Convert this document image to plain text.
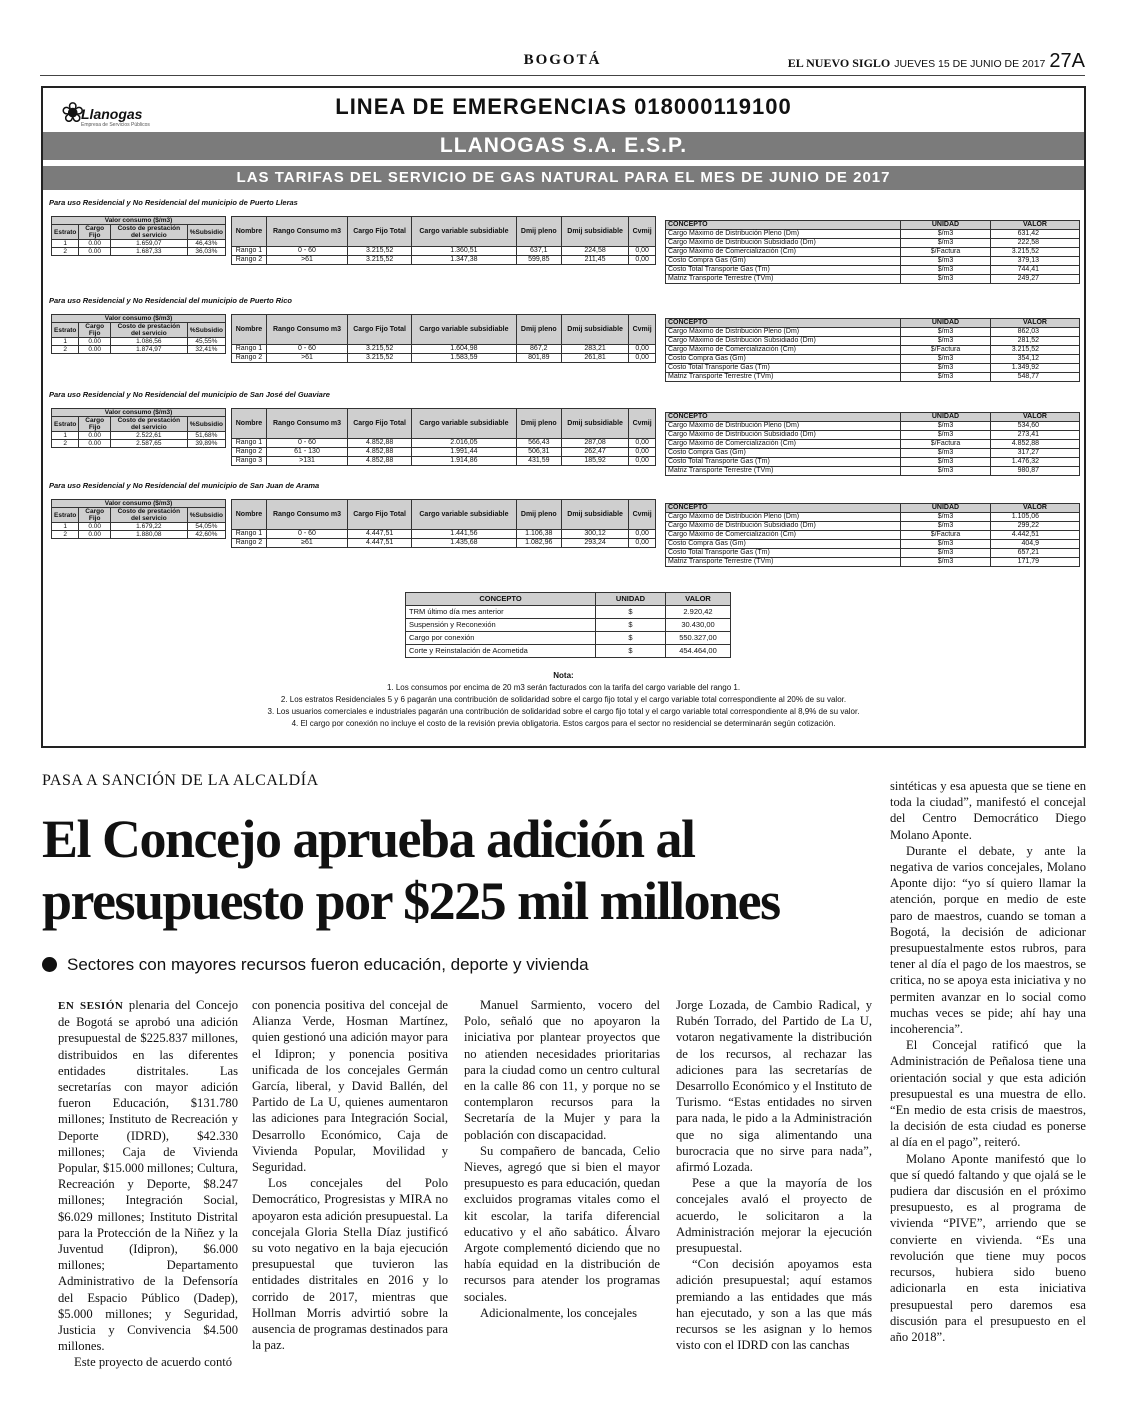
BOGOTÁ	EL NUEVO SIGLO JUEVES 15 DE JUNIO DE 2017 27A
❀
Llanogas
Empresa de Servicios Públicos
LINEA DE EMERGENCIAS 018000119100
LLANOGAS S.A. E.S.P.
LAS TARIFAS DEL SERVICIO DE GAS NATURAL PARA EL MES DE JUNIO DE 2017
Para uso Residencial y No Residencial del municipio de Puerto Lleras
Valor consumo ($/m3)			
Estrato	Cargo Fijo	Costo de prestación del servicio	%Subsidio
1	0.00	1.659,07	46,43%
2	0.00	1.687,33	36,03%
Nombre	Rango Consumo m3	Cargo Fijo Total	Cargo variable subsidiable	Dmij pleno	Dmij subsidiable	Cvmij
Rango 1	0 - 60	3.215,52	1.360,51	637,1	224,58	0,00
Rango 2	>61	3.215,52	1.347,38	599,85	211,45	0,00
CONCEPTO	UNIDAD	VALOR
Cargo Máximo de Distribución Pleno (Dm)	$/m3	631,42
Cargo Máximo de Distribución Subsidiado (Dm)	$/m3	222,58
Cargo Máximo de Comercialización (Cm)	$/Factura	3.215,52
Costo Compra Gas (Gm)	$/m3	379,13
Costo Total Transporte Gas (Tm)	$/m3	744,41
Matriz Transporte Terrestre (TVm)	$/m3	249,27
Para uso Residencial y No Residencial del municipio de Puerto Rico
Valor consumo ($/m3)			
Estrato	Cargo Fijo	Costo de prestación del servicio	%Subsidio
1	0.00	1.086,56	45,55%
2	0.00	1.874,97	32,41%
Nombre	Rango Consumo m3	Cargo Fijo Total	Cargo variable subsidiable	Dmij pleno	Dmij subsidiable	Cvmij
Rango 1	0 - 60	3.215,52	1.604,98	867,2	283,21	0,00
Rango 2	>61	3.215,52	1.583,59	801,89	261,81	0,00
CONCEPTO	UNIDAD	VALOR
Cargo Máximo de Distribución Pleno (Dm)	$/m3	862,03
Cargo Máximo de Distribución Subsidiado (Dm)	$/m3	281,52
Cargo Máximo de Comercialización (Cm)	$/Factura	3.215,52
Costo Compra Gas (Gm)	$/m3	354,12
Costo Total Transporte Gas (Tm)	$/m3	1.349,92
Matriz Transporte Terrestre (TVm)	$/m3	548,77
Para uso Residencial y No Residencial del municipio de San José del Guaviare
Valor consumo ($/m3)			
Estrato	Cargo Fijo	Costo de prestación del servicio	%Subsidio
1	0.00	2.522,61	51,68%
2	0.00	2.587,65	39,89%
Nombre	Rango Consumo m3	Cargo Fijo Total	Cargo variable subsidiable	Dmij pleno	Dmij subsidiable	Cvmij
Rango 1	0 - 60	4.852,88	2.016,05	566,43	287,08	0,00
Rango 2	61 - 130	4.852,88	1.991,44	506,31	262,47	0,00
Rango 3	>131	4.852,88	1.914,86	431,59	185,92	0,00
CONCEPTO	UNIDAD	VALOR
Cargo Máximo de Distribución Pleno (Dm)	$/m3	534,60
Cargo Máximo de Distribución Subsidiado (Dm)	$/m3	273,41
Cargo Máximo de Comercialización (Cm)	$/Factura	4.852,88
Costo Compra Gas (Gm)	$/m3	317,27
Costo Total Transporte Gas (Tm)	$/m3	1.476,32
Matriz Transporte Terrestre (TVm)	$/m3	980,87
Para uso Residencial y No Residencial del municipio de San Juan de Arama
Valor consumo ($/m3)			
Estrato	Cargo Fijo	Costo de prestación del servicio	%Subsidio
1	0.00	1.679,22	54,05%
2	0.00	1.880,08	42,60%
Nombre	Rango Consumo m3	Cargo Fijo Total	Cargo variable subsidiable	Dmij pleno	Dmij subsidiable	Cvmij
Rango 1	0 - 60	4.447,51	1.441,56	1.106,38	300,12	0,00
Rango 2	≥61	4.447,51	1.435,68	1.082,96	293,24	0,00
CONCEPTO	UNIDAD	VALOR
Cargo Máximo de Distribución Pleno (Dm)	$/m3	1.105,06
Cargo Máximo de Distribución Subsidiado (Dm)	$/m3	299,22
Cargo Máximo de Comercialización (Cm)	$/Factura	4.442,51
Costo Compra Gas (Gm)	$/m3	404,9
Costo Total Transporte Gas (Tm)	$/m3	657,21
Matriz Transporte Terrestre (TVm)	$/m3	171,79
CONCEPTO	UNIDAD	VALOR
TRM último día mes anterior	$	2.920,42
Suspensión y Reconexión	$	30.430,00
Cargo por conexión	$	550.327,00
Corte y Reinstalación de Acometida	$	454.464,00
Nota:
1. Los consumos por encima de 20 m3 serán facturados con la tarifa del cargo variable del rango 1.
2. Los estratos Residenciales 5 y 6 pagarán una contribución de solidaridad sobre el cargo fijo total y el cargo variable total correspondiente al 20% de su valor.
3. Los usuarios comerciales e industriales pagarán una contribución de solidaridad sobre el cargo fijo total y el cargo variable total correspondiente al 8,9% de su valor.
4. El cargo por conexión no incluye el costo de la revisión previa obligatoria. Estos cargos para el sector no residencial se determinarán según cotización.
PASA A SANCIÓN DE LA ALCALDÍA
El Concejo aprueba adición al presupuesto por $225 mil millones
Sectores con mayores recursos fueron educación, deporte y vivienda

EN SESIÓN plenaria del Concejo de Bogotá se aprobó una adición presupuestal de $225.837 millones, distribuidos en las diferentes entidades distritales. Las secretarías con mayor adición fueron Educación, $131.780 millones; Instituto de Recreación y Deporte (IDRD), $42.330 millones; Caja de Vivienda Popular, $15.000 millones; Cultura, Recreación y Deporte, $8.247 millones; Integración Social, $6.029 millones; Instituto Distrital para la Protección de la Niñez y la Juventud (Idipron), $6.000 millones; Departamento Administrativo de la Defensoría del Espacio Público (Dadep), $5.000 millones; y Seguridad, Justicia y Convivencia $4.500 millones.

Este proyecto de acuerdo contó

con ponencia positiva del concejal de Alianza Verde, Hosman Martínez, quien gestionó una adición mayor para el Idipron; y ponencia positiva unificada de los concejales Germán García, liberal, y David Ballén, del Partido de La U, quienes aumentaron las adiciones para Integración Social, Desarrollo Económico, Caja de Vivienda Popular, Movilidad y Seguridad.

Los concejales del Polo Democrático, Progresistas y MIRA no apoyaron esta adición presupuestal. La concejala Gloria Stella Díaz justificó su voto negativo en la baja ejecución presupuestal que tuvieron las entidades distritales en 2016 y lo corrido de 2017, mientras que Hollman Morris advirtió sobre la ausencia de programas destinados para la paz.

Manuel Sarmiento, vocero del Polo, señaló que no apoyaron la iniciativa por plantear proyectos que no atienden necesidades prioritarias para la ciudad como un centro cultural en la calle 86 con 11, y porque no se contemplaron recursos para la Secretaría de la Mujer y para la población con discapacidad.

Su compañero de bancada, Celio Nieves, agregó que si bien el mayor presupuesto es para educación, quedan excluidos programas vitales como el kit escolar, la tarifa diferencial educativo y el año sabático. Álvaro Argote complementó diciendo que no había equidad en la distribución de recursos para atender los programas sociales.

Adicionalmente, los concejales

Jorge Lozada, de Cambio Radical, y Rubén Torrado, del Partido de La U, votaron negativamente la distribución de los recursos, al rechazar las adiciones para las secretarías de Desarrollo Económico y el Instituto de Turismo. “Estas entidades no sirven para nada, le pido a la Administración que no siga alimentando una burocracia que no sirve para nada”, afirmó Lozada.

Pese a que la mayoría de los concejales avaló el proyecto de acuerdo, le solicitaron a la Administración mejorar la ejecución presupuestal.

“Con decisión apoyamos esta adición presupuestal; aquí estamos premiando a las entidades que más han ejecutado, y son a las que más recursos se les asignan y lo hemos visto con el IDRD con las canchas

sintéticas y esa apuesta que se tiene en toda la ciudad”, manifestó el concejal del Centro Democrático Diego Molano Aponte.

Durante el debate, y ante la negativa de varios concejales, Molano Aponte dijo: “yo sí quiero llamar la atención, porque en medio de este paro de maestros, cuando se toman a Bogotá, la decisión de adicionar presupuestalmente estos rubros, para tener al día el pago de los maestros, se critica, no se apoya esta iniciativa y no permiten avanzar en lo social como muchas veces se pide; ahí hay una incoherencia”.

El Concejal ratificó que la Administración de Peñalosa tiene una orientación social y que esta adición presupuestal es una muestra de ello. “En medio de esta crisis de maestros, la decisión de esta ciudad es ponerse al día en el pago”, reiteró.

Molano Aponte manifestó que lo que sí quedó faltando y que ojalá se le pudiera dar discusión en el próximo presupuesto, es al programa de vivienda “PIVE”, arriendo que se convierte en vivienda. “Es una revolución que tiene muy pocos recursos, hubiera sido bueno adicionarla en esta iniciativa presupuestal pero daremos esa discusión para el presupuesto en el año 2018”.
